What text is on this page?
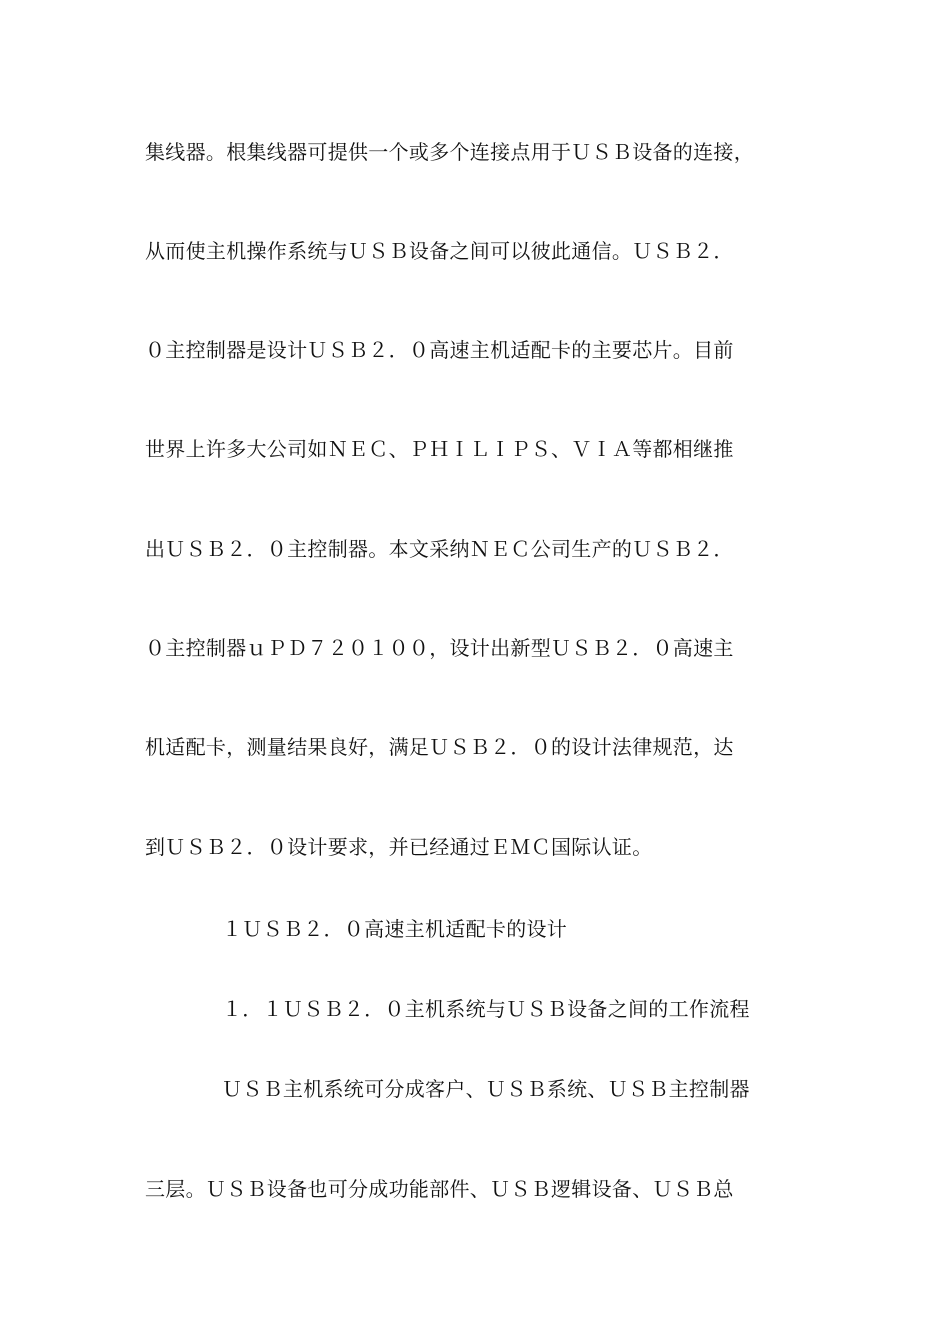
集线器。根集线器可提供一个或多个连接点用于ＵＳＢ设备的连接，
从而使主机操作系统与ＵＳＢ设备之间可以彼此通信。ＵＳＢ２．
０主控制器是设计ＵＳＢ２．０高速主机适配卡的主要芯片。目前
世界上许多大公司如ＮＥＣ、ＰＨＩＬＩＰＳ、ＶＩＡ等都相继推
出ＵＳＢ２．０主控制器。本文采纳ＮＥＣ公司生产的ＵＳＢ２．
０主控制器ｕＰＤ７２０１００，设计出新型ＵＳＢ２．０高速主
机适配卡，测量结果良好，满足ＵＳＢ２．０的设计法律规范，达
到ＵＳＢ２．０设计要求，并已经通过ＥＭＣ国际认证。
１ＵＳＢ２．０高速主机适配卡的设计
１．１ＵＳＢ２．０主机系统与ＵＳＢ设备之间的工作流程
ＵＳＢ主机系统可分成客户、ＵＳＢ系统、ＵＳＢ主控制器
三层。ＵＳＢ设备也可分成功能部件、ＵＳＢ逻辑设备、ＵＳＢ总
